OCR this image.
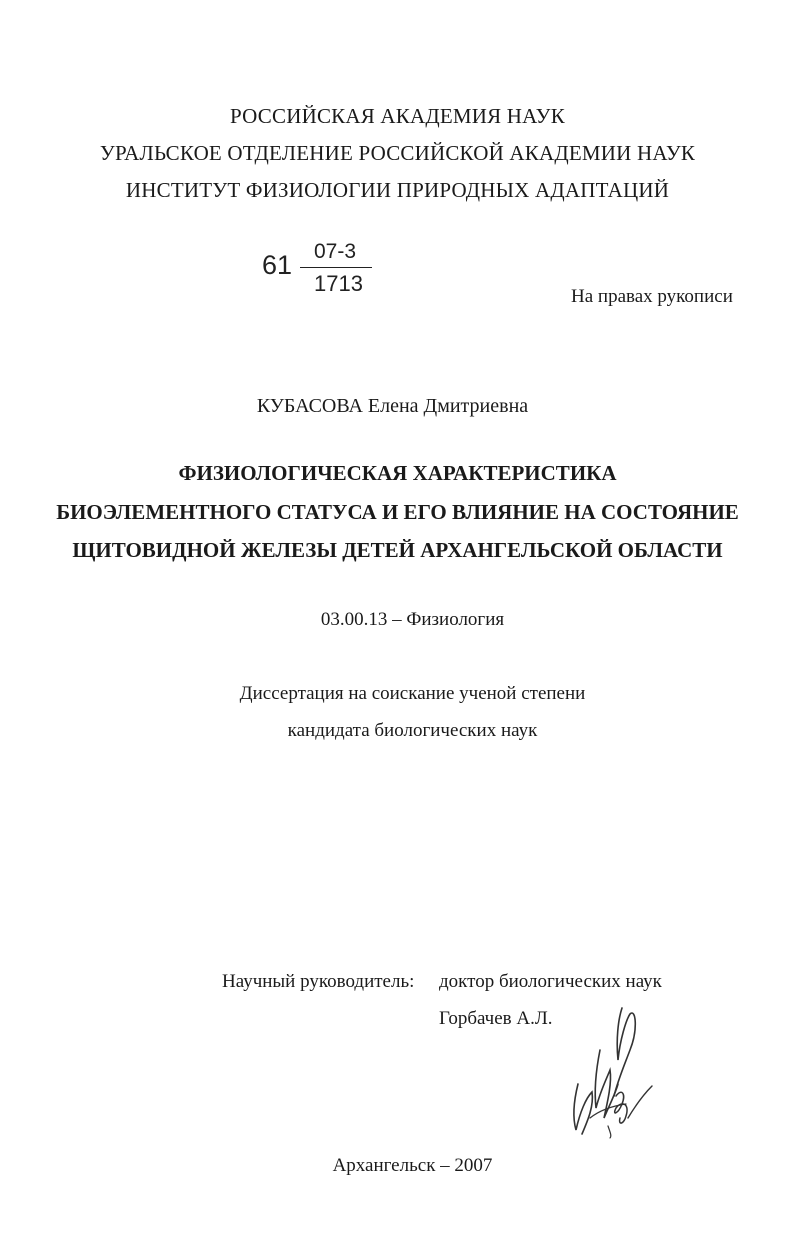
РОССИЙСКАЯ АКАДЕМИЯ НАУК
УРАЛЬСКОЕ ОТДЕЛЕНИЕ РОССИЙСКОЙ АКАДЕМИИ НАУК
ИНСТИТУТ ФИЗИОЛОГИИ ПРИРОДНЫХ АДАПТАЦИЙ
61 07-3
1713
На правах рукописи
КУБАСОВА Елена Дмитриевна
ФИЗИОЛОГИЧЕСКАЯ ХАРАКТЕРИСТИКА
БИОЭЛЕМЕНТНОГО СТАТУСА И ЕГО ВЛИЯНИЕ НА СОСТОЯНИЕ
ЩИТОВИДНОЙ ЖЕЛЕЗЫ ДЕТЕЙ АРХАНГЕЛЬСКОЙ ОБЛАСТИ
03.00.13 – Физиология
Диссертация на соискание ученой степени
кандидата биологических наук
Научный руководитель: доктор биологических наук
Горбачев А.Л.
Архангельск – 2007
